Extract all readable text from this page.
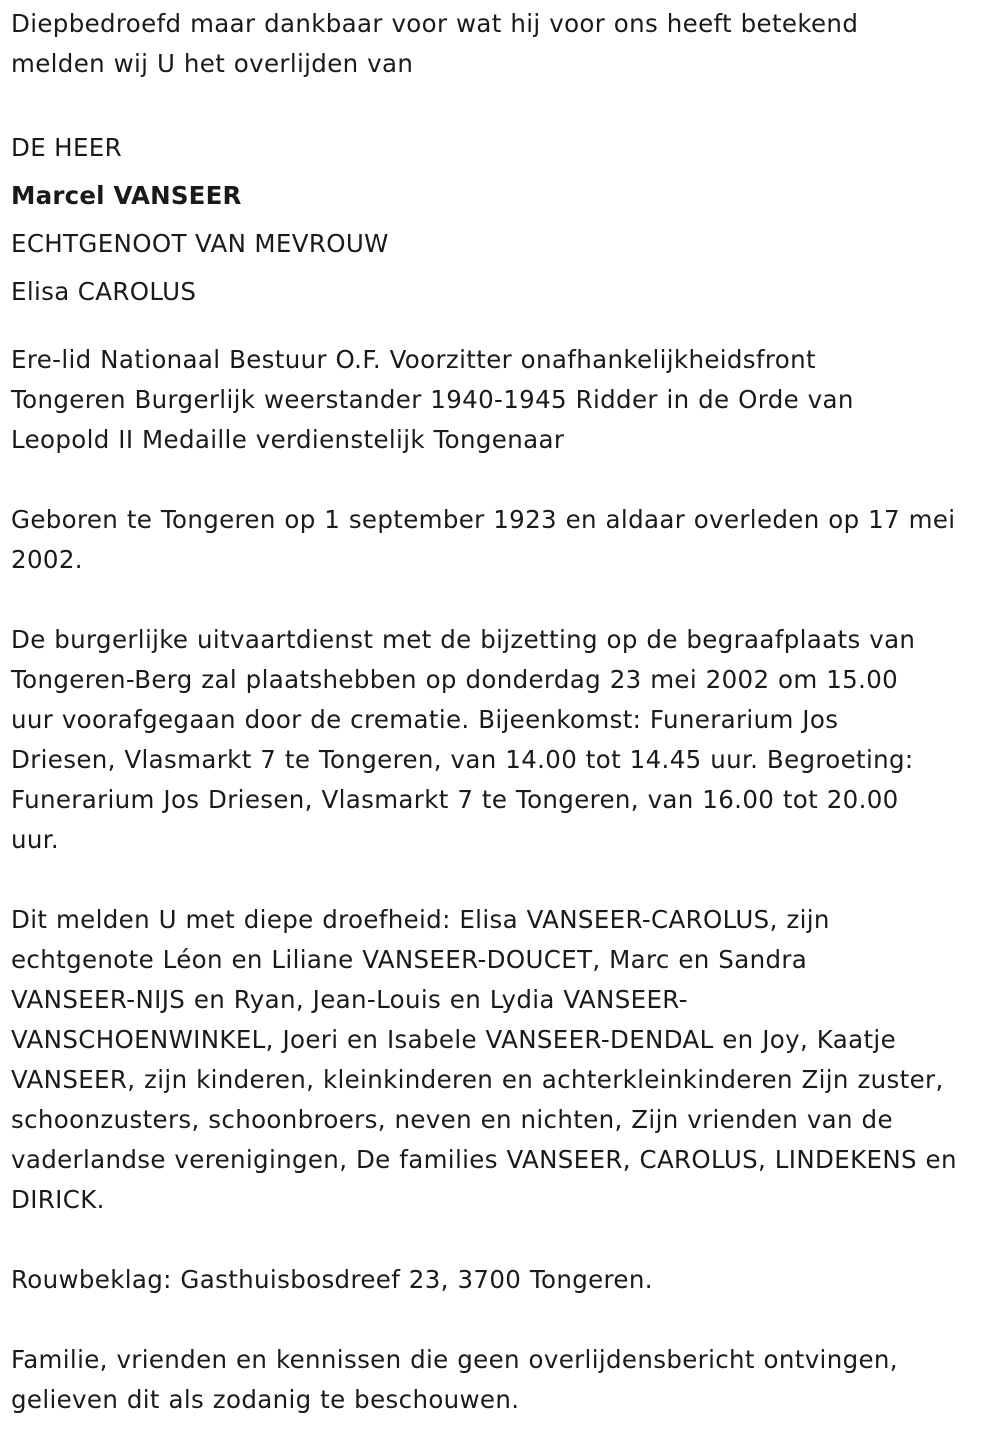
Diepbedroefd maar dankbaar voor wat hij voor ons heeft betekend
melden wij U het overlijden van

DE HEER

Marcel VANSEER

ECHTGENOOT VAN MEVROUW

Elisa CAROLUS

Ere-lid Nationaal Bestuur O.F. Voorzitter onafhankelijkheidsfront
Tongeren Burgerlijk weerstander 1940-1945 Ridder in de Orde van
Leopold II Medaille verdienstelijk Tongenaar

Geboren te Tongeren op 1 september 1923 en aldaar overleden op 17 mei
2002.

De burgerlijke uitvaartdienst met de bijzetting op de begraafplaats van
Tongeren-Berg zal plaatshebben op donderdag 23 mei 2002 om 15.00
uur voorafgegaan door de crematie. Bijeenkomst: Funerarium Jos
Driesen, Vlasmarkt 7 te Tongeren, van 14.00 tot 14.45 uur. Begroeting:
Funerarium Jos Driesen, Vlasmarkt 7 te Tongeren, van 16.00 tot 20.00
uur.

Dit melden U met diepe droefheid: Elisa VANSEER-CAROLUS, zijn
echtgenote Léon en Liliane VANSEER-DOUCET, Marc en Sandra
VANSEER-NIJS en Ryan, Jean-Louis en Lydia VANSEER-
VANSCHOENWINKEL, Joeri en Isabele VANSEER-DENDAL en Joy, Kaatje
VANSEER, zijn kinderen, kleinkinderen en achterkleinkinderen Zijn zuster,
schoonzusters, schoonbroers, neven en nichten, Zijn vrienden van de
vaderlandse verenigingen, De families VANSEER, CAROLUS, LINDEKENS en
DIRICK.

Rouwbeklag: Gasthuisbosdreef 23, 3700 Tongeren.

Familie, vrienden en kennissen die geen overlijdensbericht ontvingen,
gelieven dit als zodanig te beschouwen.
